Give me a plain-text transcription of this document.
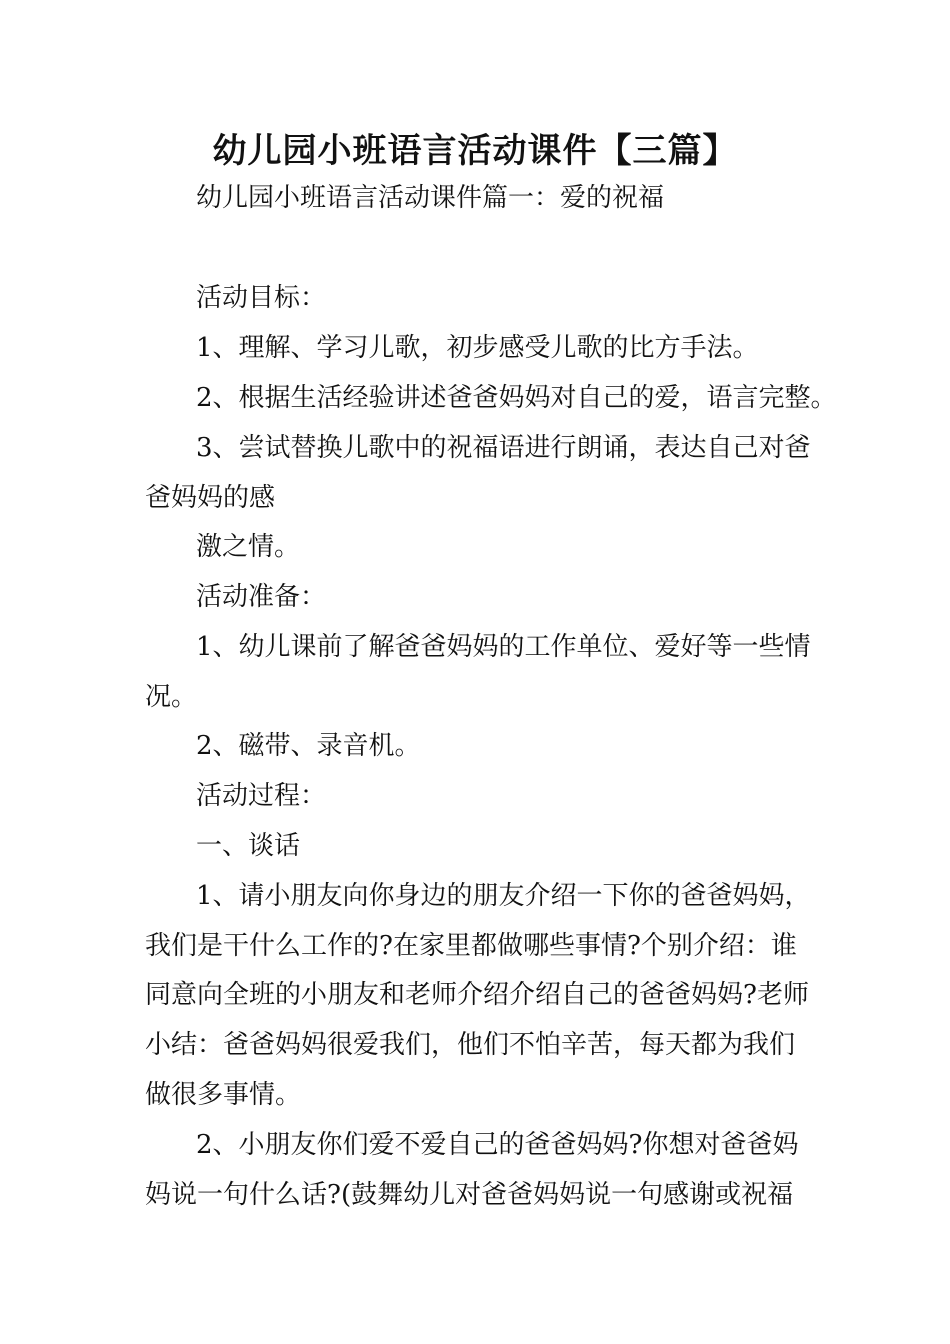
幼儿园小班语言活动课件【三篇】

幼儿园小班语言活动课件篇一：爱的祝福

活动目标：

1、理解、学习儿歌，初步感受儿歌的比方手法。

2、根据生活经验讲述爸爸妈妈对自己的爱，语言完整。

3、尝试替换儿歌中的祝福语进行朗诵，表达自己对爸

爸妈妈的感

激之情。

活动准备：

1、幼儿课前了解爸爸妈妈的工作单位、爱好等一些情

况。

2、磁带、录音机。

活动过程：

一、谈话

1、请小朋友向你身边的朋友介绍一下你的爸爸妈妈，

我们是干什么工作的?在家里都做哪些事情?个别介绍：谁

同意向全班的小朋友和老师介绍介绍自己的爸爸妈妈?老师

小结：爸爸妈妈很爱我们，他们不怕辛苦，每天都为我们

做很多事情。

2、小朋友你们爱不爱自己的爸爸妈妈?你想对爸爸妈

妈说一句什么话?(鼓舞幼儿对爸爸妈妈说一句感谢或祝福
